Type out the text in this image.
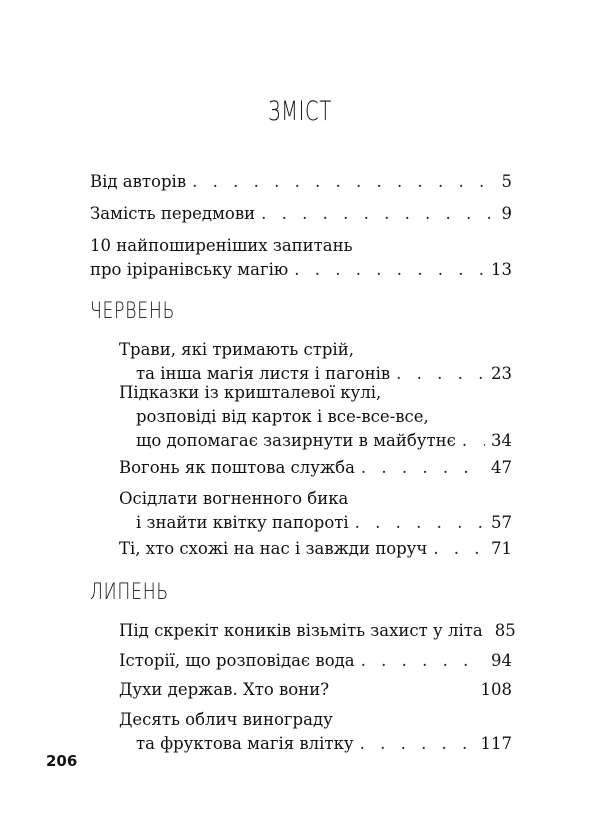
ЗМІСТ
Від авторів . . .	5
Замість передмови . . .	9
10 найпоширеніших запитань
про іріранівську магію . . .	13
ЧЕРВЕНЬ
Трави, які тримають стрій,
та інша магія листя і пагонів . . .	23
Підказки із кришталевої кулі,
розповіді від карток і все-все-все,
що допомагає зазирнути в майбутнє . . . 34
Вогонь як поштова служба . . .	47
Осідлати вогненного бика
і знайти квітку папороті . . .	57
Ті, хто схожі на нас і завжди поруч . . .	71
ЛИПЕНЬ
Під скрекіт коників візьміть захист у літа 85
Історії, що розповідає вода . . .	94
Духи держав. Хто вони?	108
Десять облич винограду
та фруктова магія влітку . . .	117
206
